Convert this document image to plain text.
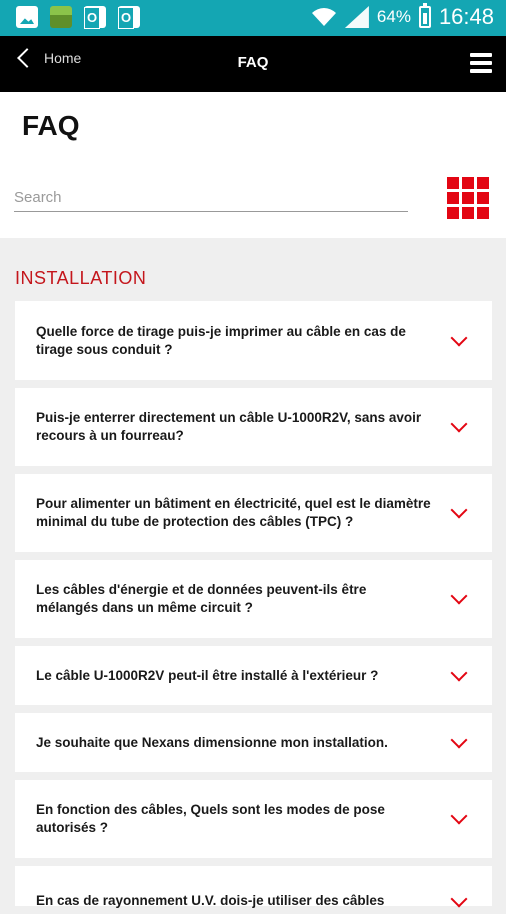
O
O
64% 16:48
Home	FAQ
FAQ
Search
INSTALLATION
Quelle force de tirage puis-je imprimer au câble en cas de tirage sous conduit ?
Puis-je enterrer directement un câble U-1000R2V, sans avoir recours à un fourreau?
Pour alimenter un bâtiment en électricité, quel est le diamètre minimal du tube de protection des câbles (TPC) ?
Les câbles d'énergie et de données peuvent-ils être mélangés dans un même circuit ?
Le câble U-1000R2V peut-il être installé à l'extérieur ?
Je souhaite que Nexans dimensionne mon installation.
En fonction des câbles, Quels sont les modes de pose autorisés ?
En cas de rayonnement U.V. dois-je utiliser des câbles
